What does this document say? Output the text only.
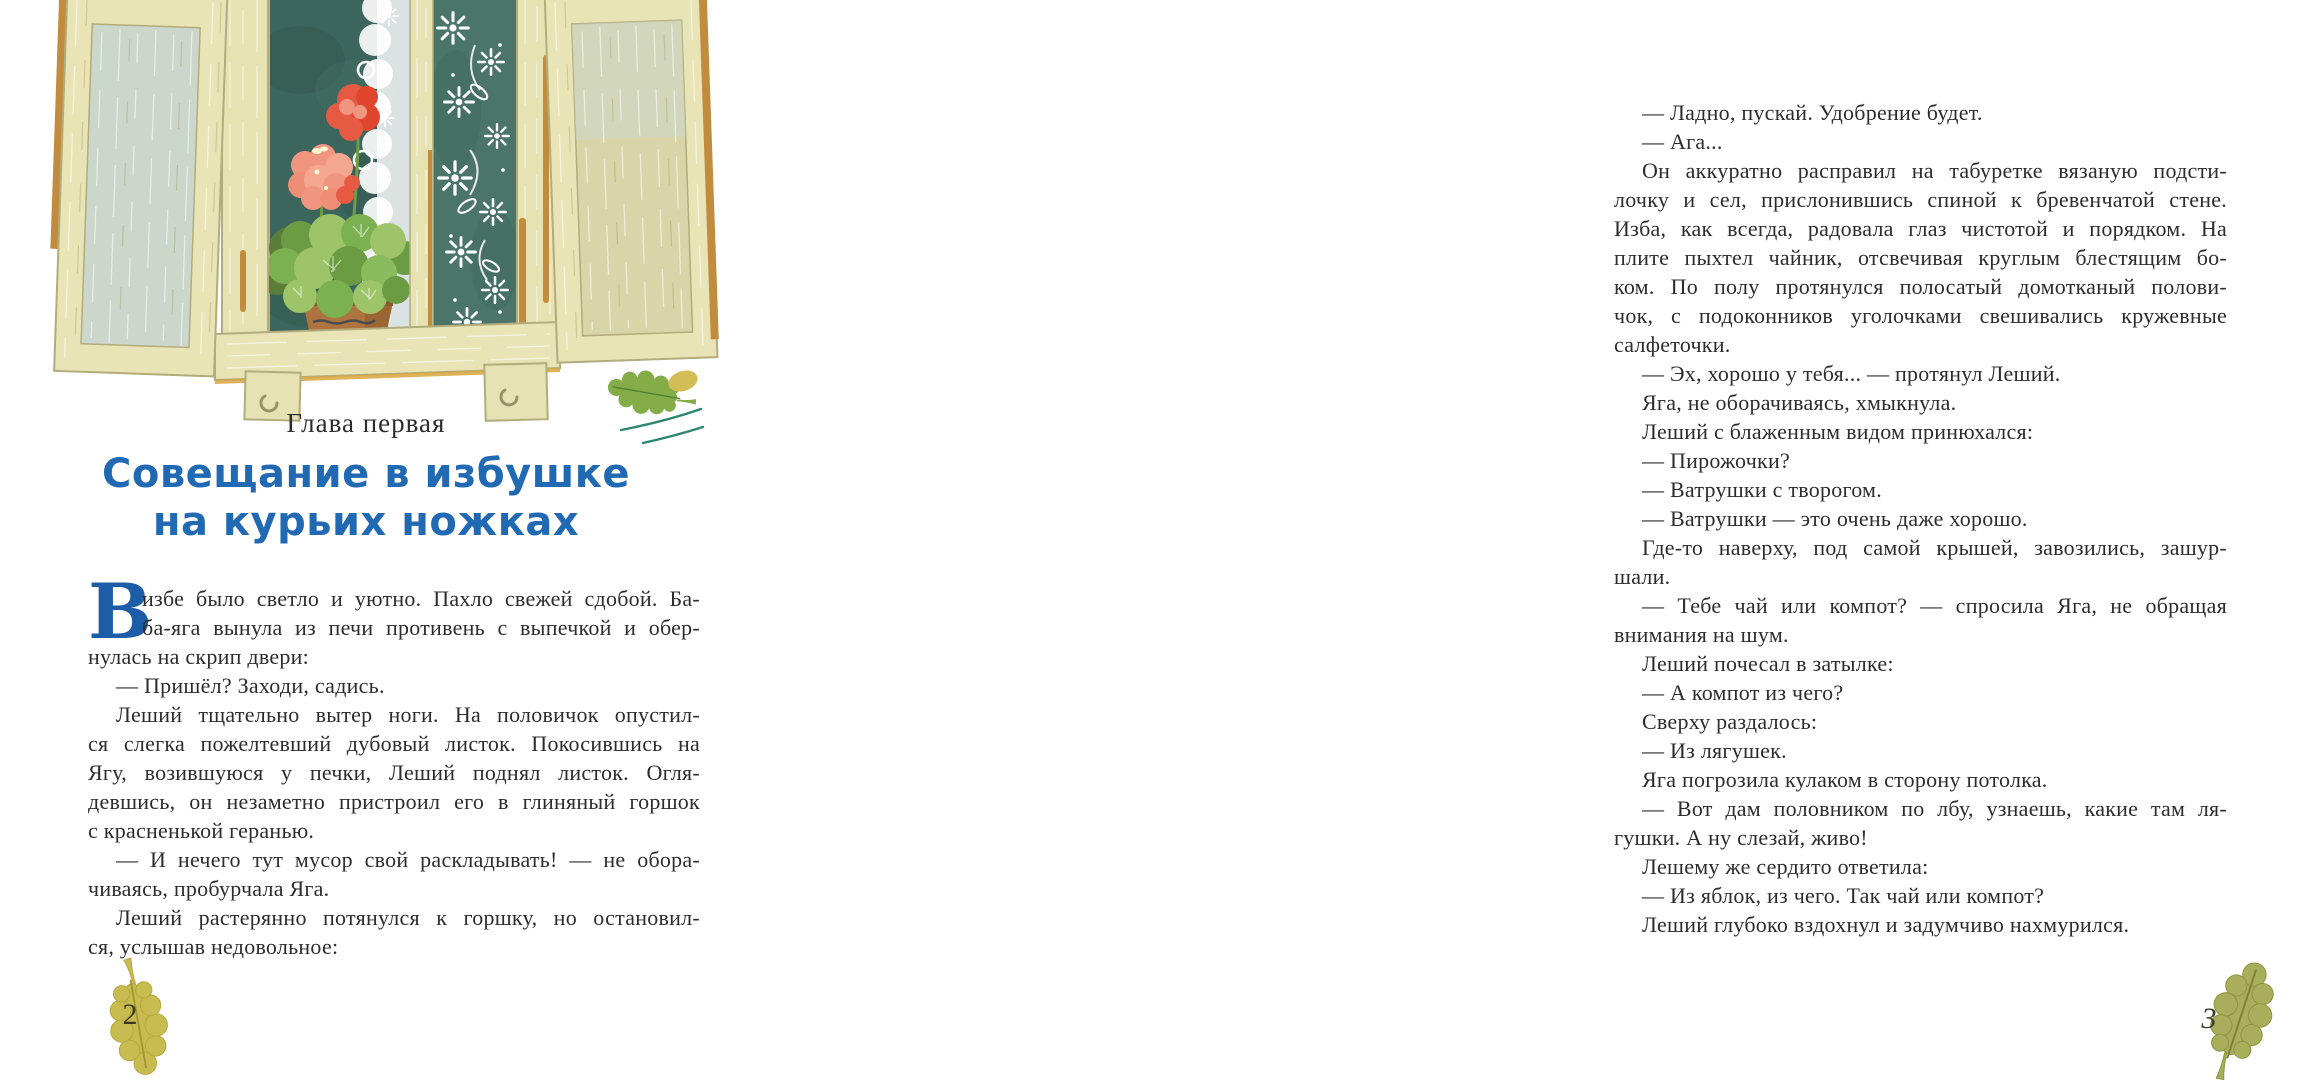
Глава первая
Совещание в избушке
на курьих ножках
В
избе было светло и уютно. Пахло свежей сдобой. Ба-
ба-яга вынула из печи противень с выпечкой и обер-
нулась на скрип двери:
— Пришёл? Заходи, садись.
Леший тщательно вытер ноги. На половичок опустил-
ся слегка пожелтевший дубовый листок. Покосившись на
Ягу, возившуюся у печки, Леший поднял листок. Огля-
девшись, он незаметно пристроил его в глиняный горшок
с красненькой геранью.
— И нечего тут мусор свой раскладывать! — не обора-
чиваясь, пробурчала Яга.
Леший растерянно потянулся к горшку, но остановил-
ся, услышав недовольное:
2
— Ладно, пускай. Удобрение будет.
— Ага...
Он аккуратно расправил на табуретке вязаную подсти-
лочку и сел, прислонившись спиной к бревенчатой стене.
Изба, как всегда, радовала глаз чистотой и порядком. На
плите пыхтел чайник, отсвечивая круглым блестящим бо-
ком. По полу протянулся полосатый домотканый полови-
чок, с подоконников уголочками свешивались кружевные
салфеточки.
— Эх, хорошо у тебя... — протянул Леший.
Яга, не оборачиваясь, хмыкнула.
Леший с блаженным видом принюхался:
— Пирожочки?
— Ватрушки с творогом.
— Ватрушки — это очень даже хорошо.
Где-то наверху, под самой крышей, завозились, зашур-
шали.
— Тебе чай или компот? — спросила Яга, не обращая
внимания на шум.
Леший почесал в затылке:
— А компот из чего?
Сверху раздалось:
— Из лягушек.
Яга погрозила кулаком в сторону потолка.
— Вот дам половником по лбу, узнаешь, какие там ля-
гушки. А ну слезай, живо!
Лешему же сердито ответила:
— Из яблок, из чего. Так чай или компот?
Леший глубоко вздохнул и задумчиво нахмурился.
3
